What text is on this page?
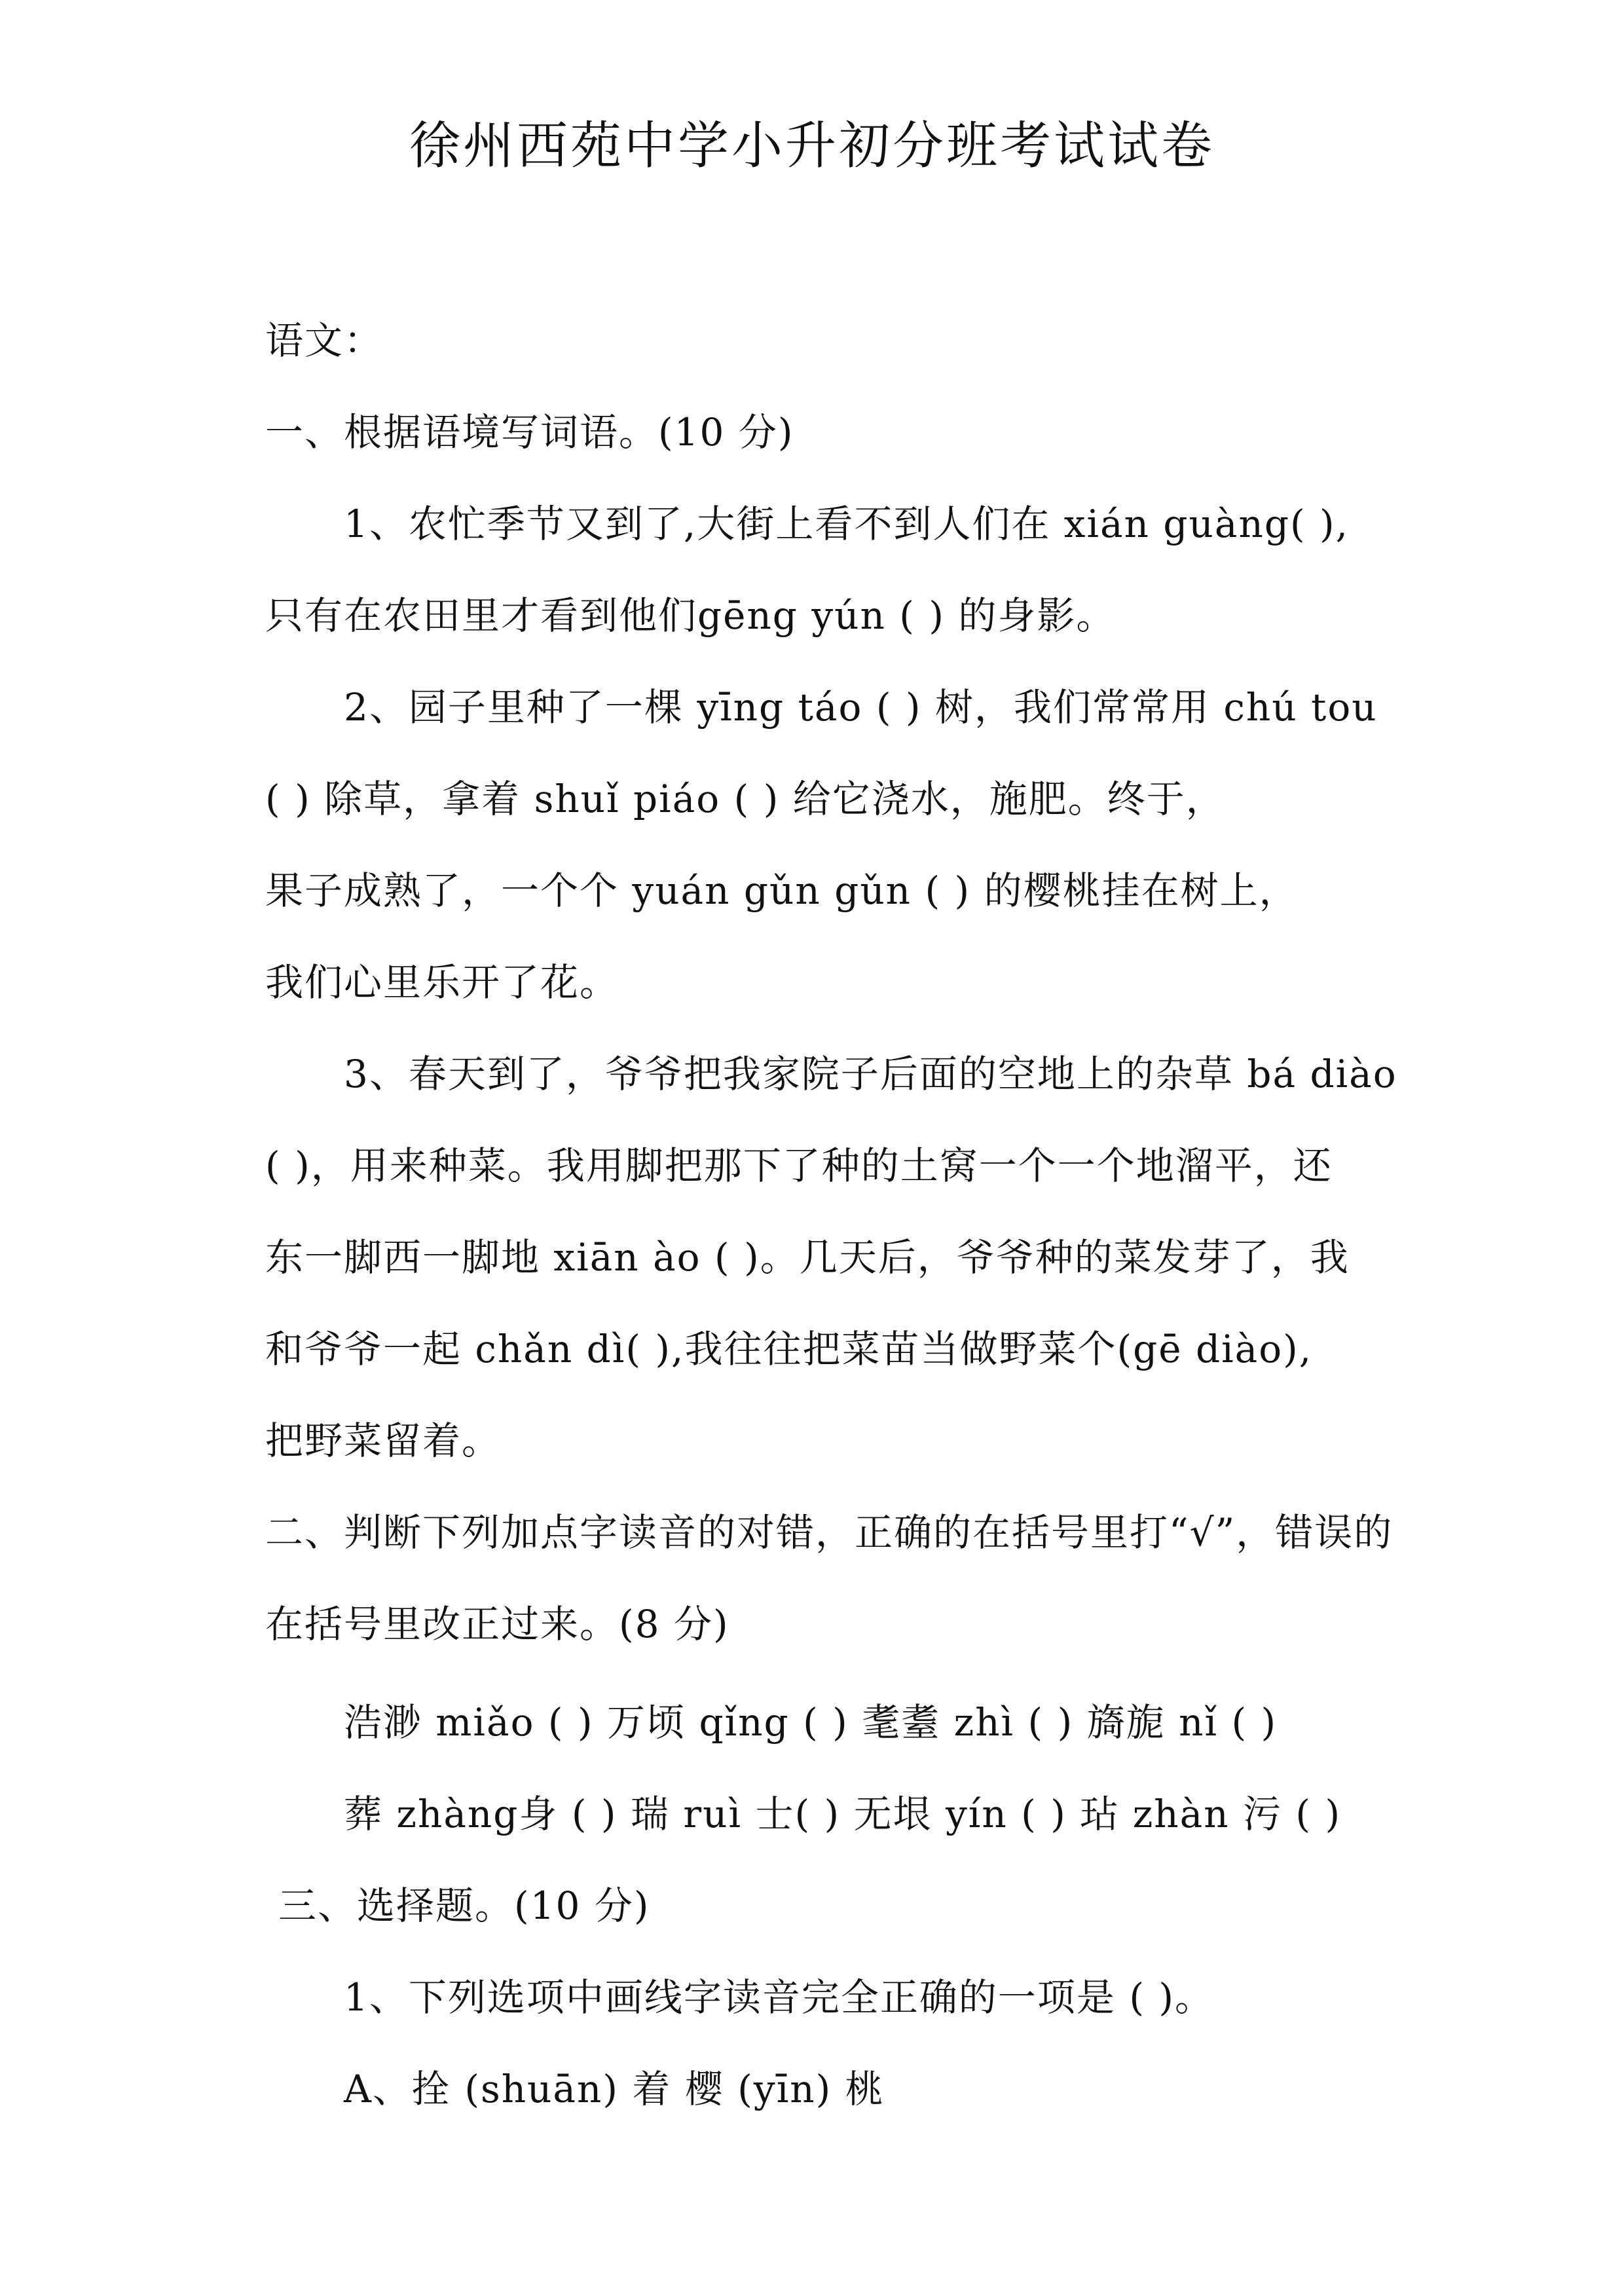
徐州西苑中学小升初分班考试试卷
语文：
一、根据语境写词语。(10 分)
1、农忙季节又到了,大街上看不到人们在 xián guàng( ),
只有在农田里才看到他们gēng yún ( ) 的身影。
2、园子里种了一棵 yīng táo ( ) 树，我们常常用 chú tou
( ) 除草，拿着 shuǐ piáo ( ) 给它浇水，施肥。终于，
果子成熟了，一个个 yuán gǔn gǔn ( ) 的樱桃挂在树上，
我们心里乐开了花。
3、春天到了，爷爷把我家院子后面的空地上的杂草 bá diào
( )，用来种菜。我用脚把那下了种的土窝一个一个地溜平，还
东一脚西一脚地 xiān ào ( )。几天后，爷爷种的菜发芽了，我
和爷爷一起 chǎn dì( ),我往往把菜苗当做野菜个(gē diào),
把野菜留着。
二、判断下列加点字读音的对错，正确的在括号里打“√”，错误的
在括号里改正过来。(8 分)
浩渺 miǎo ( ) 万顷 qǐng ( ) 耄耋 zhì ( ) 旖旎 nǐ ( )
葬 zhàng身 ( ) 瑞 ruì 士( ) 无垠 yín ( ) 玷 zhàn 污 ( )
三、选择题。(10 分)
1、下列选项中画线字读音完全正确的一项是 ( )。
A、拴 (shuān) 着 樱 (yīn) 桃
